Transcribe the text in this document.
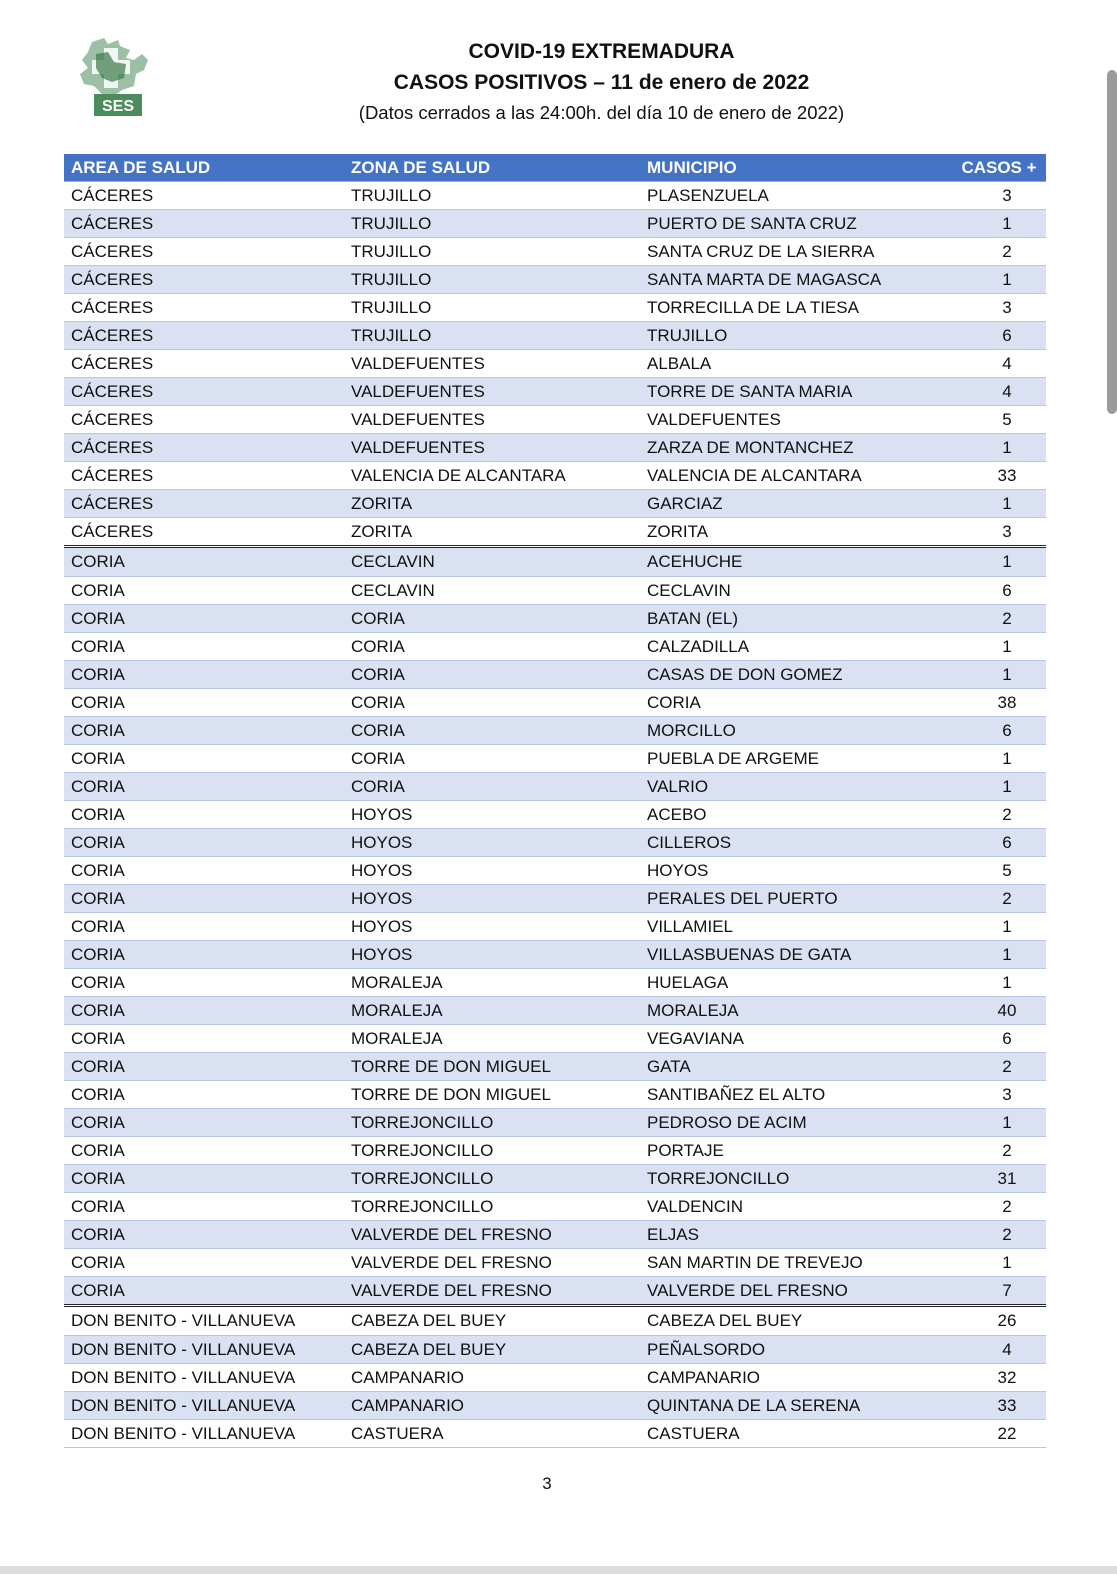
SES
COVID-19 EXTREMADURA
CASOS POSITIVOS – 11 de enero de 2022
(Datos cerrados a las 24:00h. del día 10 de enero de 2022)
AREA DE SALUD	ZONA DE SALUD	MUNICIPIO	CASOS +
CÁCERES	TRUJILLO	PLASENZUELA	3
CÁCERES	TRUJILLO	PUERTO DE SANTA CRUZ	1
CÁCERES	TRUJILLO	SANTA CRUZ DE LA SIERRA	2
CÁCERES	TRUJILLO	SANTA MARTA DE MAGASCA	1
CÁCERES	TRUJILLO	TORRECILLA DE LA TIESA	3
CÁCERES	TRUJILLO	TRUJILLO	6
CÁCERES	VALDEFUENTES	ALBALA	4
CÁCERES	VALDEFUENTES	TORRE DE SANTA MARIA	4
CÁCERES	VALDEFUENTES	VALDEFUENTES	5
CÁCERES	VALDEFUENTES	ZARZA DE MONTANCHEZ	1
CÁCERES	VALENCIA DE ALCANTARA	VALENCIA DE ALCANTARA	33
CÁCERES	ZORITA	GARCIAZ	1
CÁCERES	ZORITA	ZORITA	3
CORIA	CECLAVIN	ACEHUCHE	1
CORIA	CECLAVIN	CECLAVIN	6
CORIA	CORIA	BATAN (EL)	2
CORIA	CORIA	CALZADILLA	1
CORIA	CORIA	CASAS DE DON GOMEZ	1
CORIA	CORIA	CORIA	38
CORIA	CORIA	MORCILLO	6
CORIA	CORIA	PUEBLA DE ARGEME	1
CORIA	CORIA	VALRIO	1
CORIA	HOYOS	ACEBO	2
CORIA	HOYOS	CILLEROS	6
CORIA	HOYOS	HOYOS	5
CORIA	HOYOS	PERALES DEL PUERTO	2
CORIA	HOYOS	VILLAMIEL	1
CORIA	HOYOS	VILLASBUENAS DE GATA	1
CORIA	MORALEJA	HUELAGA	1
CORIA	MORALEJA	MORALEJA	40
CORIA	MORALEJA	VEGAVIANA	6
CORIA	TORRE DE DON MIGUEL	GATA	2
CORIA	TORRE DE DON MIGUEL	SANTIBAÑEZ EL ALTO	3
CORIA	TORREJONCILLO	PEDROSO DE ACIM	1
CORIA	TORREJONCILLO	PORTAJE	2
CORIA	TORREJONCILLO	TORREJONCILLO	31
CORIA	TORREJONCILLO	VALDENCIN	2
CORIA	VALVERDE DEL FRESNO	ELJAS	2
CORIA	VALVERDE DEL FRESNO	SAN MARTIN DE TREVEJO	1
CORIA	VALVERDE DEL FRESNO	VALVERDE DEL FRESNO	7
DON BENITO - VILLANUEVA	CABEZA DEL BUEY	CABEZA DEL BUEY	26
DON BENITO - VILLANUEVA	CABEZA DEL BUEY	PEÑALSORDO	4
DON BENITO - VILLANUEVA	CAMPANARIO	CAMPANARIO	32
DON BENITO - VILLANUEVA	CAMPANARIO	QUINTANA DE LA SERENA	33
DON BENITO - VILLANUEVA	CASTUERA	CASTUERA	22
3
